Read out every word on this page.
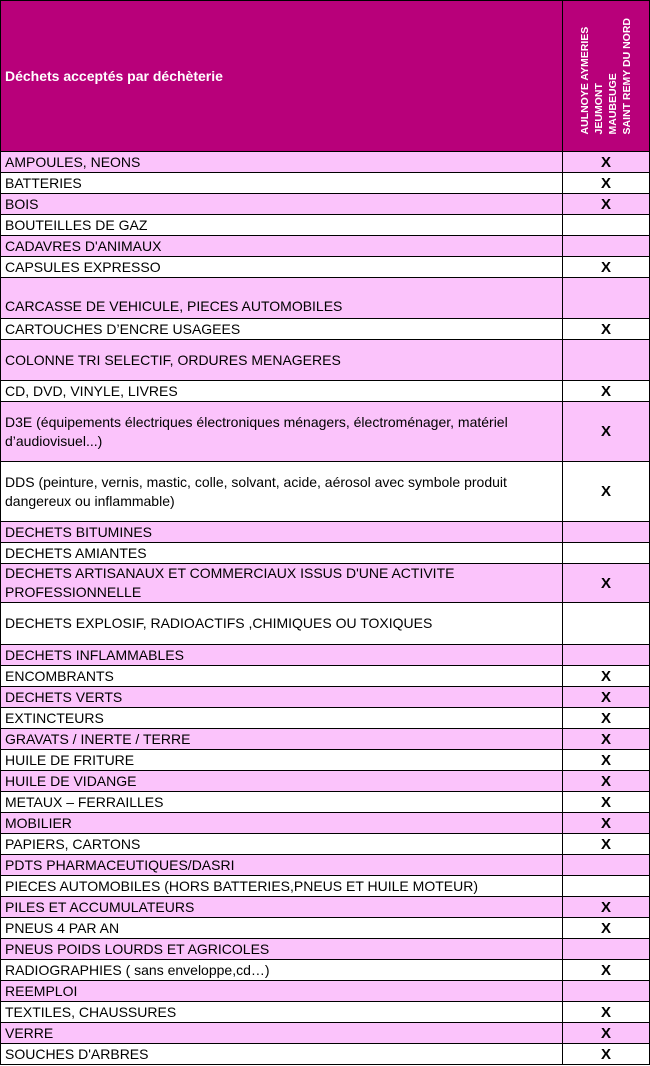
Déchets acceptés par déchèterie	AULNOYE AYMERIES
JEUMONT
MAUBEUGE
SAINT REMY DU NORD

AMPOULES, NEONS	X
BATTERIES	X
BOIS	X
BOUTEILLES DE GAZ	
CADAVRES D'ANIMAUX	
CAPSULES EXPRESSO	X

CARCASSE DE VEHICULE, PIECES AUTOMOBILES	

CARTOUCHES D’ENCRE USAGEES	X
COLONNE TRI SELECTIF, ORDURES MENAGERES	
CD, DVD, VINYLE, LIVRES	X
D3E (équipements électriques électroniques ménagers, électroménager, matériel d’audiovisuel...)	X
DDS (peinture, vernis, mastic, colle, solvant, acide, aérosol avec symbole produit dangereux ou inflammable)	X
DECHETS BITUMINES	
DECHETS AMIANTES	
DECHETS ARTISANAUX ET COMMERCIAUX ISSUS D'UNE ACTIVITE PROFESSIONNELLE	X
DECHETS EXPLOSIF, RADIOACTIFS ,CHIMIQUES OU TOXIQUES	
DECHETS INFLAMMABLES	
ENCOMBRANTS	X
DECHETS VERTS	X
EXTINCTEURS	X
GRAVATS / INERTE / TERRE	X
HUILE DE FRITURE	X
HUILE DE VIDANGE	X
METAUX – FERRAILLES	X
MOBILIER	X
PAPIERS, CARTONS	X
PDTS PHARMACEUTIQUES/DASRI	
PIECES AUTOMOBILES (HORS BATTERIES,PNEUS ET HUILE MOTEUR)	
PILES ET ACCUMULATEURS	X
PNEUS 4 PAR AN	X
PNEUS POIDS LOURDS ET AGRICOLES	
RADIOGRAPHIES ( sans enveloppe,cd…)	X
REEMPLOI	
TEXTILES, CHAUSSURES	X
VERRE	X
SOUCHES D'ARBRES	X
